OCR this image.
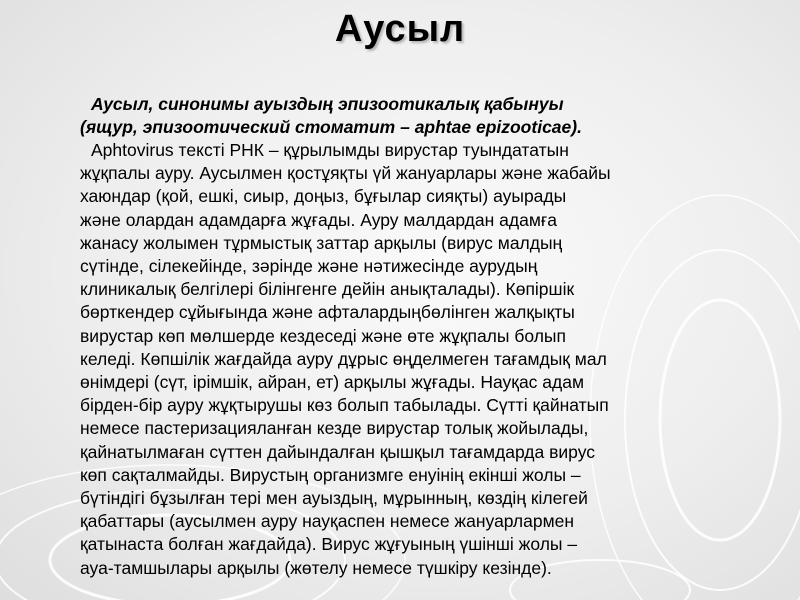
Аусыл
Аусыл, синонимы ауыздың эпизоотикалық қабынуы
(ящур, эпизоотический стоматит – aphtae epizooticae).
Aphtovirus тексті РНК – құрылымды вирустар туындататын
жұқпалы ауру. Аусылмен қостұяқты үй жануарлары және жабайы
хаюндар (қой, ешкі, сиыр, доңыз, бұғылар сияқты) ауырады
және олардан адамдарға жұғады. Ауру малдардан адамға
жанасу жолымен тұрмыстық заттар арқылы (вирус малдың
сүтінде, сілекейінде, зәрінде және нәтижесінде аурудың
клиникалық белгілері білінгенге дейін анықталады). Көпіршік
бөрткендер сұйығында және афталардыңбөлінген жалқықты
вирустар көп мөлшерде кездеседі және өте жұқпалы болып
келеді. Көпшілік жағдайда ауру дұрыс өңделмеген тағамдық мал
өнімдері (сүт, ірімшік, айран, ет) арқылы жұғады. Науқас адам
бірден-бір ауру жұқтырушы көз болып табылады. Сүтті қайнатып
немесе пастеризацияланған кезде вирустар толық жойылады,
қайнатылмаған сүттен дайындалған қышқыл тағамдарда вирус
көп сақталмайды. Вирустың организмге енуінің екінші жолы –
бүтіндігі бұзылған тері мен ауыздың, мұрынның, көздің кілегей
қабаттары (аусылмен ауру науқаспен немесе жануарлармен
қатынаста болған жағдайда). Вирус жұғуының үшінші жолы –
ауа-тамшылары арқылы (жөтелу немесе түшкіру кезінде).
